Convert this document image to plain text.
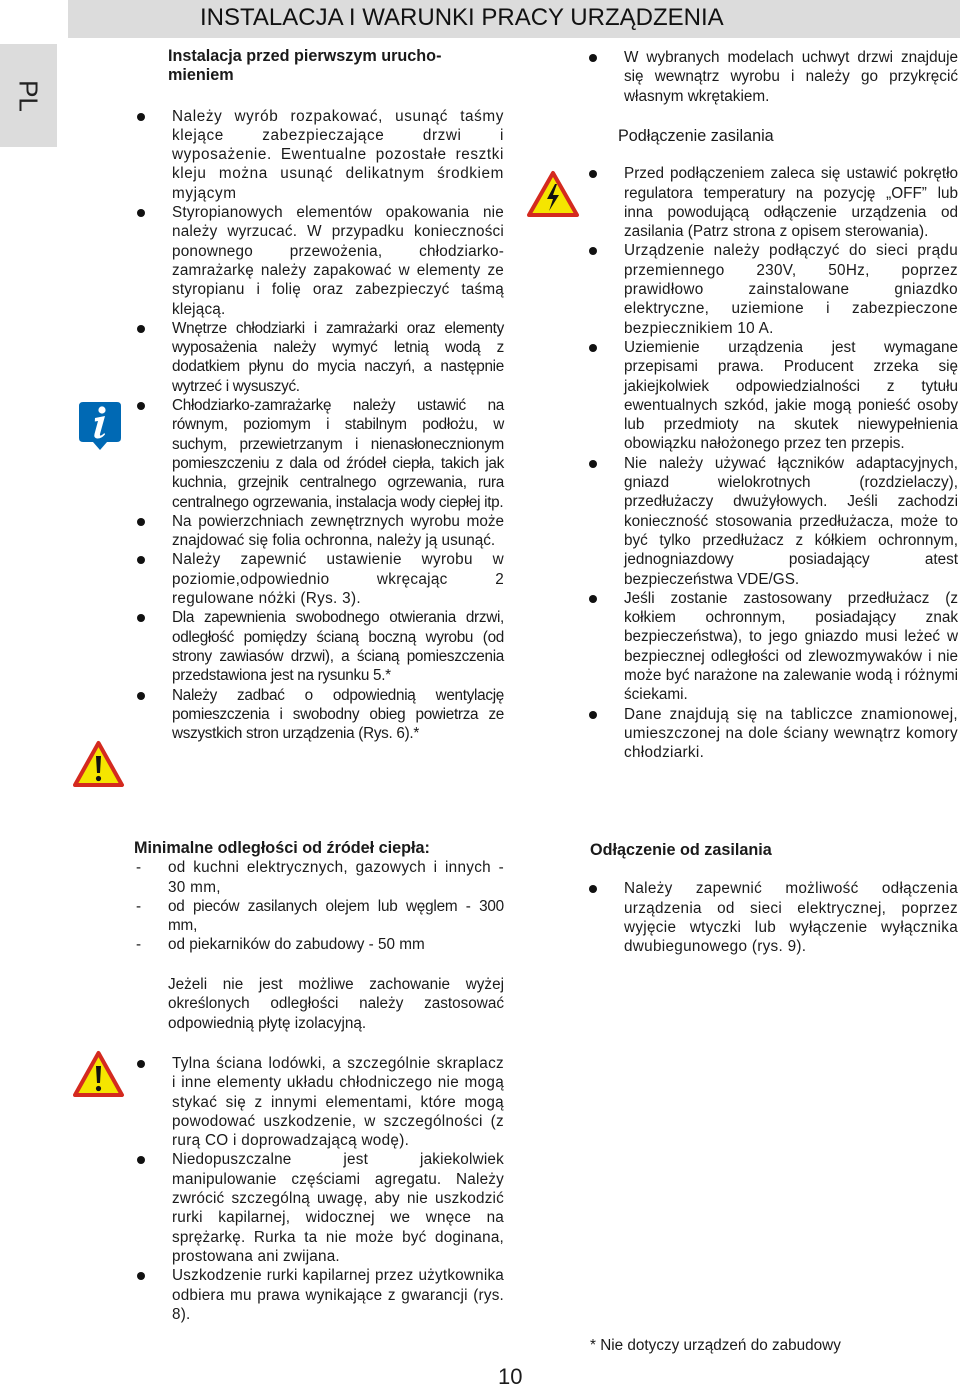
INSTALACJA I WARUNKI PRACY URZĄDZENIA
PL

Instalacja przed pierwszym urucho-
mieniem

Należy wyrób rozpakować, usunąć taśmy klejące zabezpieczające drzwi i wyposażenie. Ewentualne pozostałe resztki kleju można usunąć delikatnym środkiem myjącym
Styropianowych elementów opakowania nie należy wyrzucać. W przypadku konieczności ponownego przewożenia, chłodziarko-zamrażarkę należy zapakować w elementy ze styropianu i folię oraz zabezpieczyć taśmą klejącą.
Wnętrze chłodziarki i zamrażarki oraz elementy wyposażenia należy wymyć letnią wodą z dodatkiem płynu do mycia naczyń, a następnie wytrzeć i wysuszyć.
Chłodziarko-zamrażarkę należy ustawić na równym, poziomym i stabilnym podłożu, w suchym, przewietrzanym i nienasłonecznionym pomieszczeniu z dala od źródeł ciepła, takich jak kuchnia, grzejnik centralnego ogrzewania, rura centralnego ogrzewania, instalacja wody ciepłej itp.
Na powierzchniach zewnętrznych wyrobu może znajdować się folia ochronna, należy ją usunąć.
Należy zapewnić ustawienie wyrobu w poziomie,odpowiednio wkręcając 2 regulowane nóżki (Rys. 3).
Dla zapewnienia swobodnego otwierania drzwi, odległość pomiędzy ścianą boczną wyrobu (od strony zawiasów drzwi), a ścianą pomieszczenia przedstawiona jest na rysunku 5.*
Należy zadbać o odpowiednią wentylację pomieszczenia i swobodny obieg powietrza ze wszystkich stron urządzenia (Rys. 6).*

Minimalne odległości od źródeł ciepła:

- od kuchni elektrycznych, gazowych i innych - 30 mm,
- od pieców zasilanych olejem lub węglem - 300 mm,
- od piekarników do zabudowy - 50 mm

Jeżeli nie jest możliwe zachowanie wyżej określonych odległości należy zastosować odpowiednią płytę izolacyjną.

Tylna ściana lodówki, a szczególnie skraplacz i inne elementy układu chłodniczego nie mogą stykać się z innymi elementami, które mogą powodować uszkodzenie, w szczególności (z rurą CO i doprowadzającą wodę).
Niedopuszczalne jest jakiekolwiek manipulowanie częściami agregatu. Należy zwrócić szczególną uwagę, aby nie uszkodzić rurki kapilarnej, widocznej we wnęce na sprężarkę. Rurka ta nie może być doginana, prostowana ani zwijana.
Uszkodzenie rurki kapilarnej przez użytkownika odbiera mu prawa wynikające z gwarancji (rys. 8).
W wybranych modelach uchwyt drzwi znajduje się wewnątrz wyrobu i należy go przykręcić własnym wkrętakiem.

Podłączenie zasilania

Przed podłączeniem zaleca się ustawić pokrętło regulatora temperatury na pozycję „OFF” lub inna powodującą odłączenie urządzenia od zasilania (Patrz strona z opisem sterowania).
Urządzenie należy podłączyć do sieci prądu przemiennego 230V, 50Hz, poprzez prawidłowo zainstalowane gniazdko elektryczne, uziemione i zabezpieczone bezpiecznikiem 10 A.
Uziemienie urządzenia jest wymagane przepisami prawa. Producent zrzeka się jakiejkolwiek odpowiedzialności z tytułu ewentualnych szkód, jakie mogą ponieść osoby lub przedmioty na skutek niewypełnienia obowiązku nałożonego przez ten przepis.
Nie należy używać łączników adaptacyjnych, gniazd wielokrotnych (rozdzielaczy), przedłużaczy dwużyłowych. Jeśli zachodzi konieczność stosowania przedłużacza, może to być tylko przedłużacz z kółkiem ochronnym, jednogniazdowy posiadający atest bezpieczeństwa VDE/GS.
Jeśli zostanie zastosowany przedłużacz (z kołkiem ochronnym, posiadający znak bezpieczeństwa), to jego gniazdo musi leżeć w bezpiecznej odległości od zlewozmywaków i nie może być narażone na zalewanie wodą i różnymi ściekami.
Dane znajdują się na tabliczce znamionowej, umieszczonej na dole ściany wewnątrz komory chłodziarki.

Odłączenie od zasilania

Należy zapewnić możliwość odłączenia urządzenia od sieci elektrycznej, poprzez wyjęcie wtyczki lub wyłączenie wyłącznika dwubiegunowego (rys. 9).
* Nie dotyczy urządzeń do zabudowy
10
